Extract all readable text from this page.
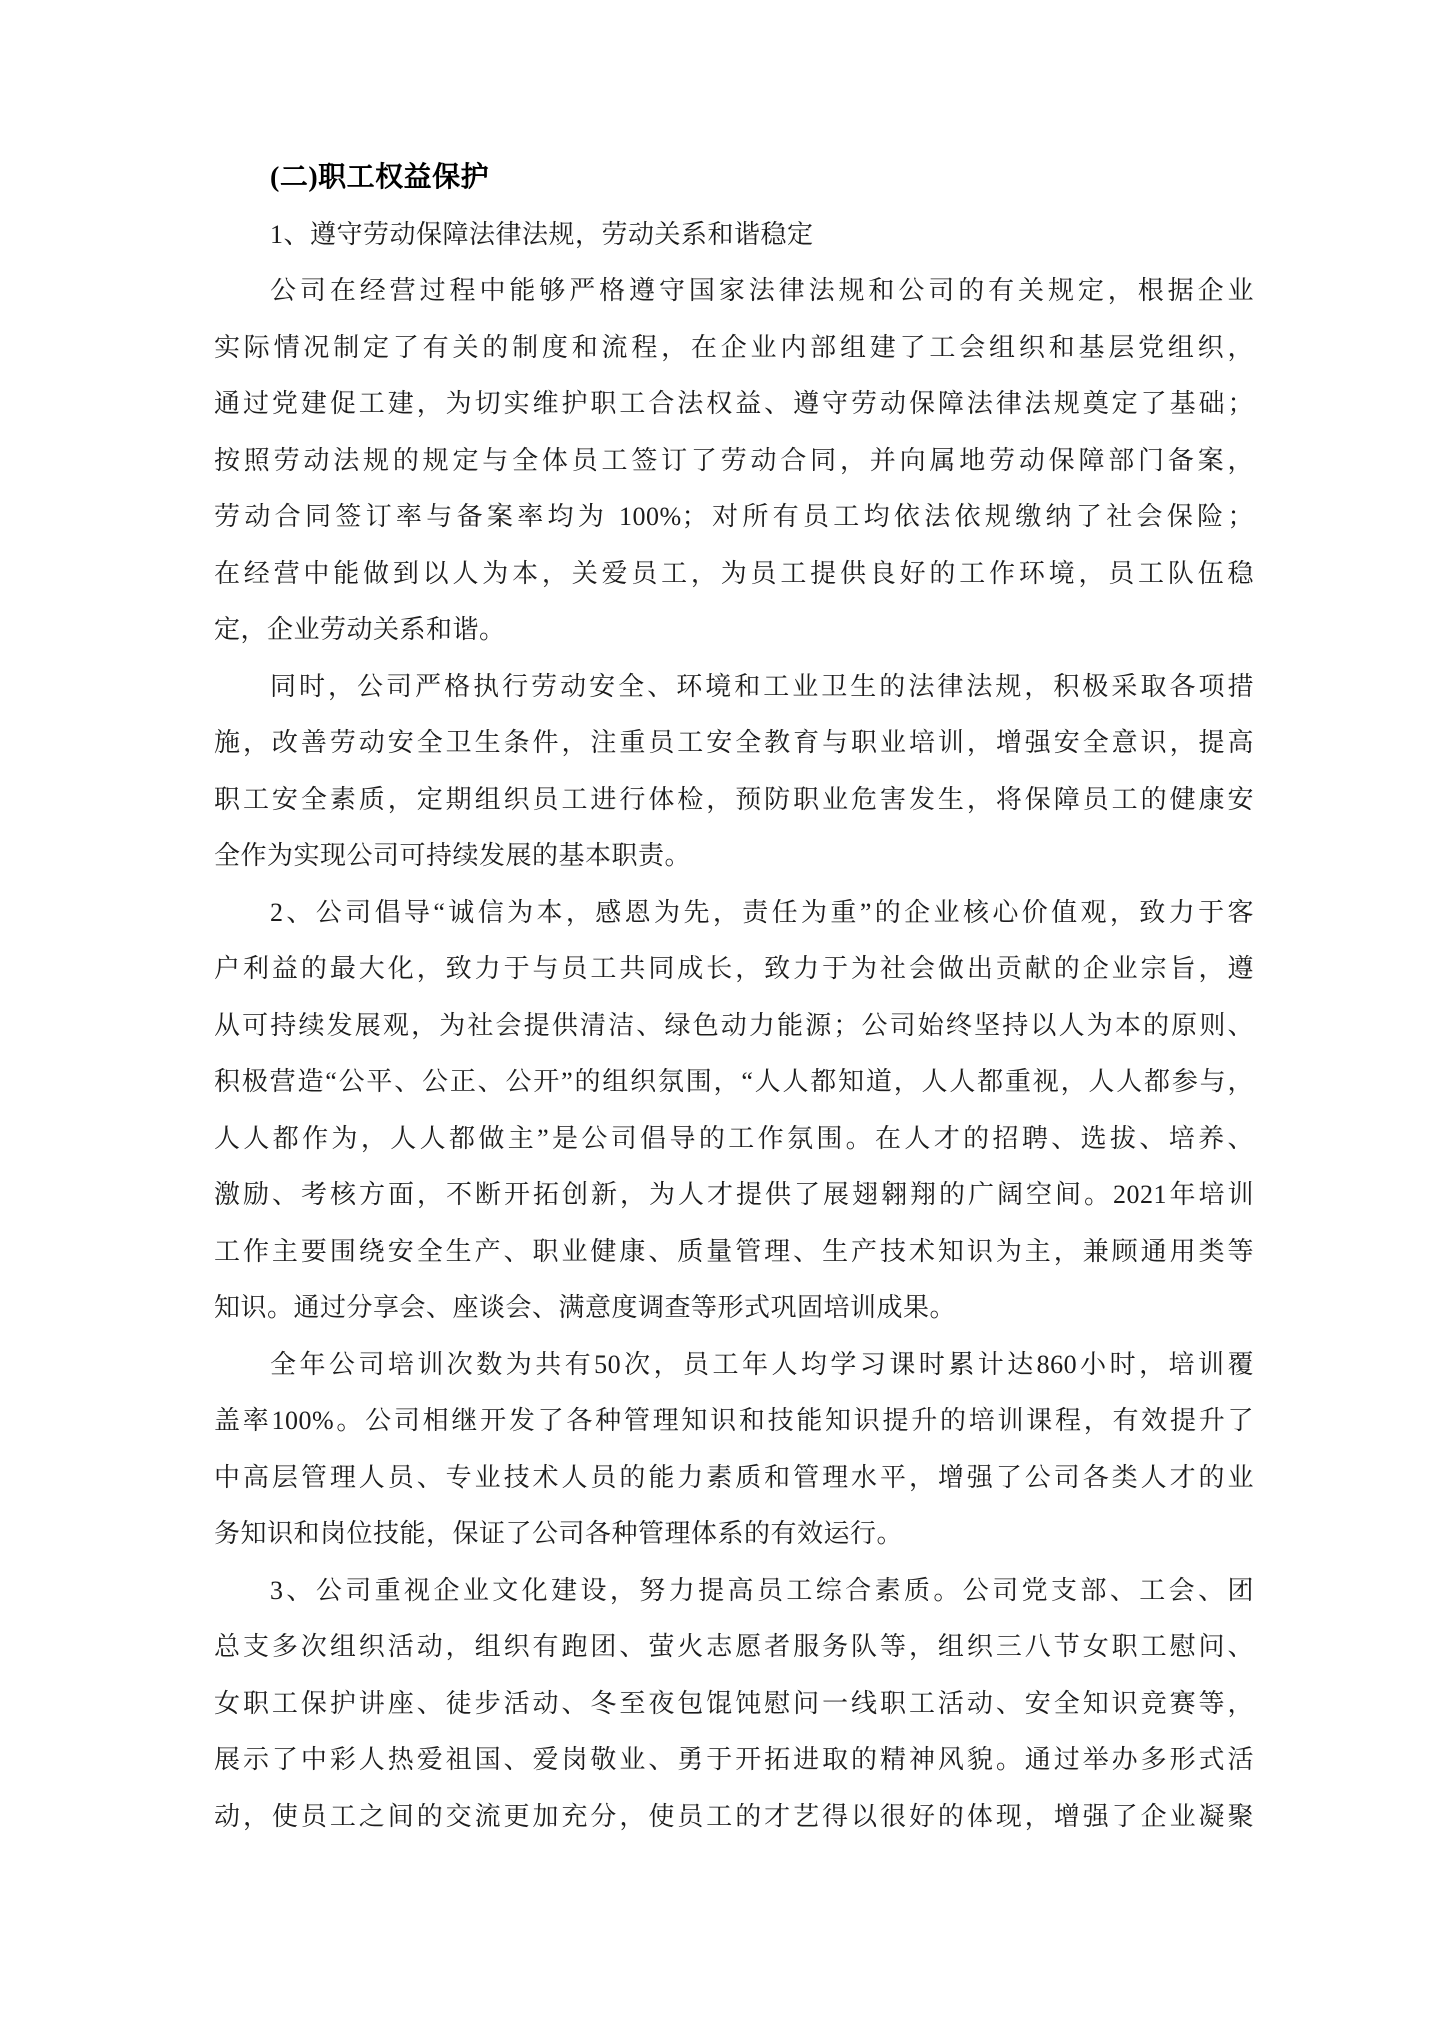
(二)职工权益保护
1、遵守劳动保障法律法规，劳动关系和谐稳定
公司在经营过程中能够严格遵守国家法律法规和公司的有关规定，根据企业
实际情况制定了有关的制度和流程，在企业内部组建了工会组织和基层党组织，
通过党建促工建，为切实维护职工合法权益、遵守劳动保障法律法规奠定了基础；
按照劳动法规的规定与全体员工签订了劳动合同，并向属地劳动保障部门备案，
劳动合同签订率与备案率均为 100%；对所有员工均依法依规缴纳了社会保险；
在经营中能做到以人为本，关爱员工，为员工提供良好的工作环境，员工队伍稳
定，企业劳动关系和谐。
同时，公司严格执行劳动安全、环境和工业卫生的法律法规，积极采取各项措
施，改善劳动安全卫生条件，注重员工安全教育与职业培训，增强安全意识，提高
职工安全素质，定期组织员工进行体检，预防职业危害发生，将保障员工的健康安
全作为实现公司可持续发展的基本职责。
2、公司倡导“诚信为本，感恩为先，责任为重”的企业核心价值观，致力于客
户利益的最大化，致力于与员工共同成长，致力于为社会做出贡献的企业宗旨，遵
从可持续发展观，为社会提供清洁、绿色动力能源；公司始终坚持以人为本的原则、
积极营造“公平、公正、公开”的组织氛围，“人人都知道，人人都重视，人人都参与，
人人都作为，人人都做主”是公司倡导的工作氛围。在人才的招聘、选拔、培养、
激励、考核方面，不断开拓创新，为人才提供了展翅翱翔的广阔空间。2021年培训
工作主要围绕安全生产、职业健康、质量管理、生产技术知识为主，兼顾通用类等
知识。通过分享会、座谈会、满意度调查等形式巩固培训成果。
全年公司培训次数为共有50次，员工年人均学习课时累计达860小时，培训覆
盖率100%。公司相继开发了各种管理知识和技能知识提升的培训课程，有效提升了
中高层管理人员、专业技术人员的能力素质和管理水平，增强了公司各类人才的业
务知识和岗位技能，保证了公司各种管理体系的有效运行。
3、公司重视企业文化建设，努力提高员工综合素质。公司党支部、工会、团
总支多次组织活动，组织有跑团、萤火志愿者服务队等，组织三八节女职工慰问、
女职工保护讲座、徒步活动、冬至夜包馄饨慰问一线职工活动、安全知识竞赛等，
展示了中彩人热爱祖国、爱岗敬业、勇于开拓进取的精神风貌。通过举办多形式活
动，使员工之间的交流更加充分，使员工的才艺得以很好的体现，增强了企业凝聚
